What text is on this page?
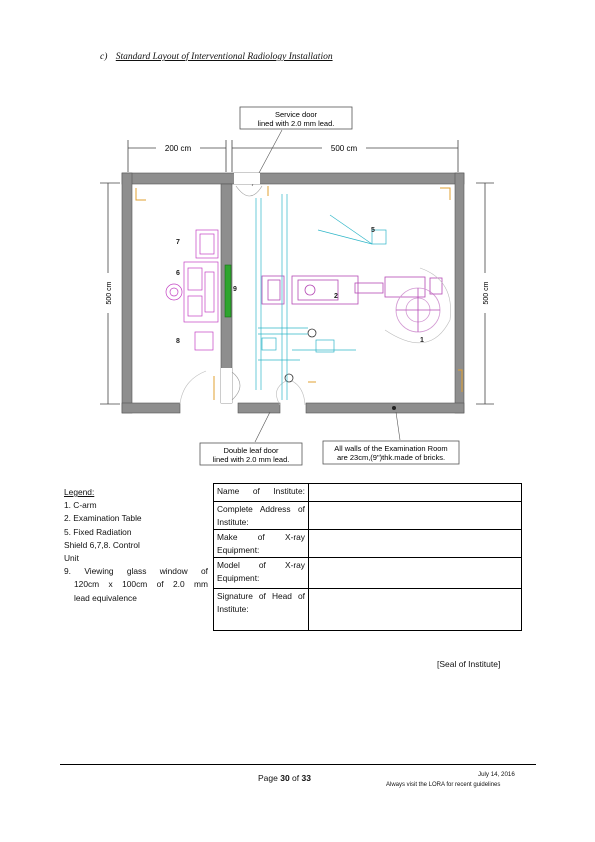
c) Standard Layout of Interventional Radiology Installation
200 cm	500 cm
500 cm	500 cm
Service door
lined with 2.0 mm lead.
1
2
5
6
7
8
9
Double leaf door
lined with 2.0 mm lead.
All walls of the Examination Room
are 23cm,(9")thk.made of bricks.
Legend:
1. C-arm
2. Examination Table
5. Fixed Radiation
Shield 6,7,8. Control
Unit
9. Viewing glass window of
120cm x 100cm of 2.0 mm
lead equivalence
Name of Institute:	
Complete Address of Institute:	
Make of X-ray Equipment:	
Model of X-ray Equipment:	
Signature of Head of Institute:	
[Seal of Institute]
Page 30 of 33	July 14, 2016
Always visit the LORA for recent guidelines
